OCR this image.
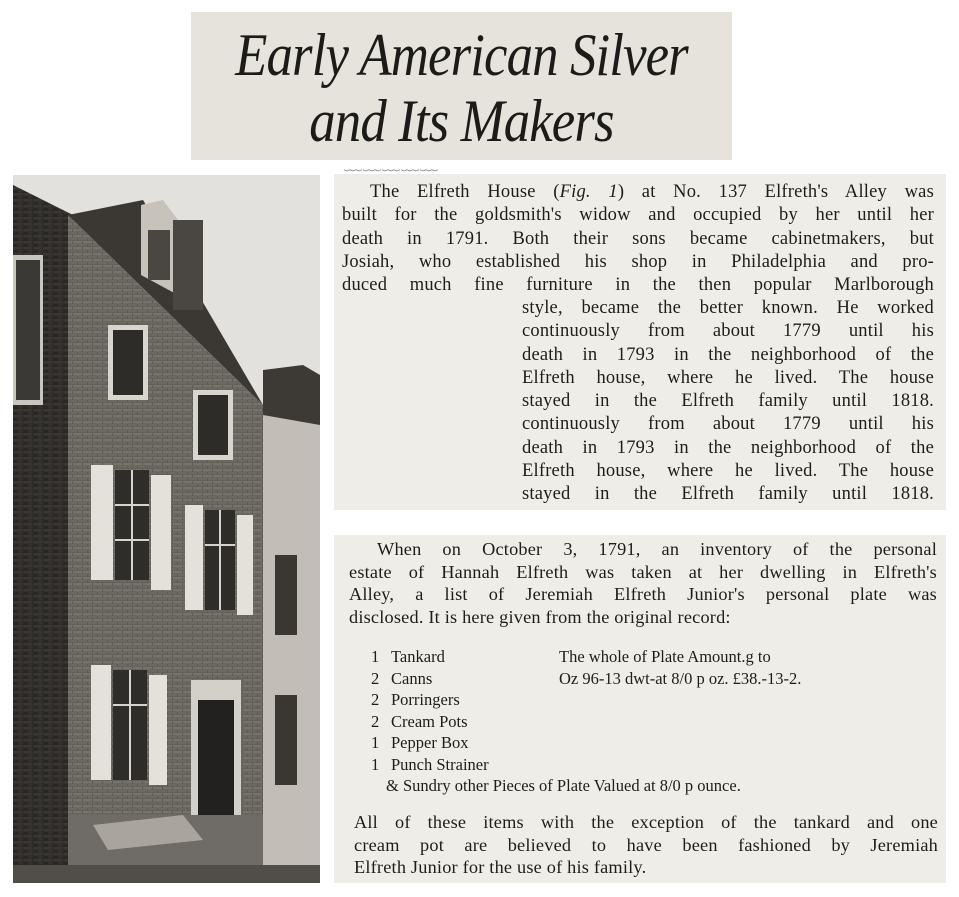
Early American Silver
and Its Makers
﹋﹋﹋﹋﹋
The Elfreth House (Fig. 1) at No. 137 Elfreth's Alley was
built for the goldsmith's widow and occupied by her until her
death in 1791. Both their sons became cabinetmakers, but
Josiah, who established his shop in Philadelphia and pro-
duced much fine furniture in the then popular Marlborough
style, became the better known. He worked
continuously from about 1779 until his
death in 1793 in the neighborhood of the
Elfreth house, where he lived. The house
stayed in the Elfreth family until 1818.
continuously from about 1779 until his
death in 1793 in the neighborhood of the
Elfreth house, where he lived. The house
stayed in the Elfreth family until 1818.
When on October 3, 1791, an inventory of the personal
estate of Hannah Elfreth was taken at her dwelling in Elfreth's
Alley, a list of Jeremiah Elfreth Junior's personal plate was
disclosed. It is here given from the original record:
1 Tankard
2 Canns
2 Porringers
2 Cream Pots
1 Pepper Box
1 Punch Strainer
The whole of Plate Amount.g to
Oz 96-13 dwt-at 8/0 p oz. £38.-13-2.
& Sundry other Pieces of Plate Valued at 8/0 p ounce.
All of these items with the exception of the tankard and one
cream pot are believed to have been fashioned by Jeremiah
Elfreth Junior for the use of his family.
